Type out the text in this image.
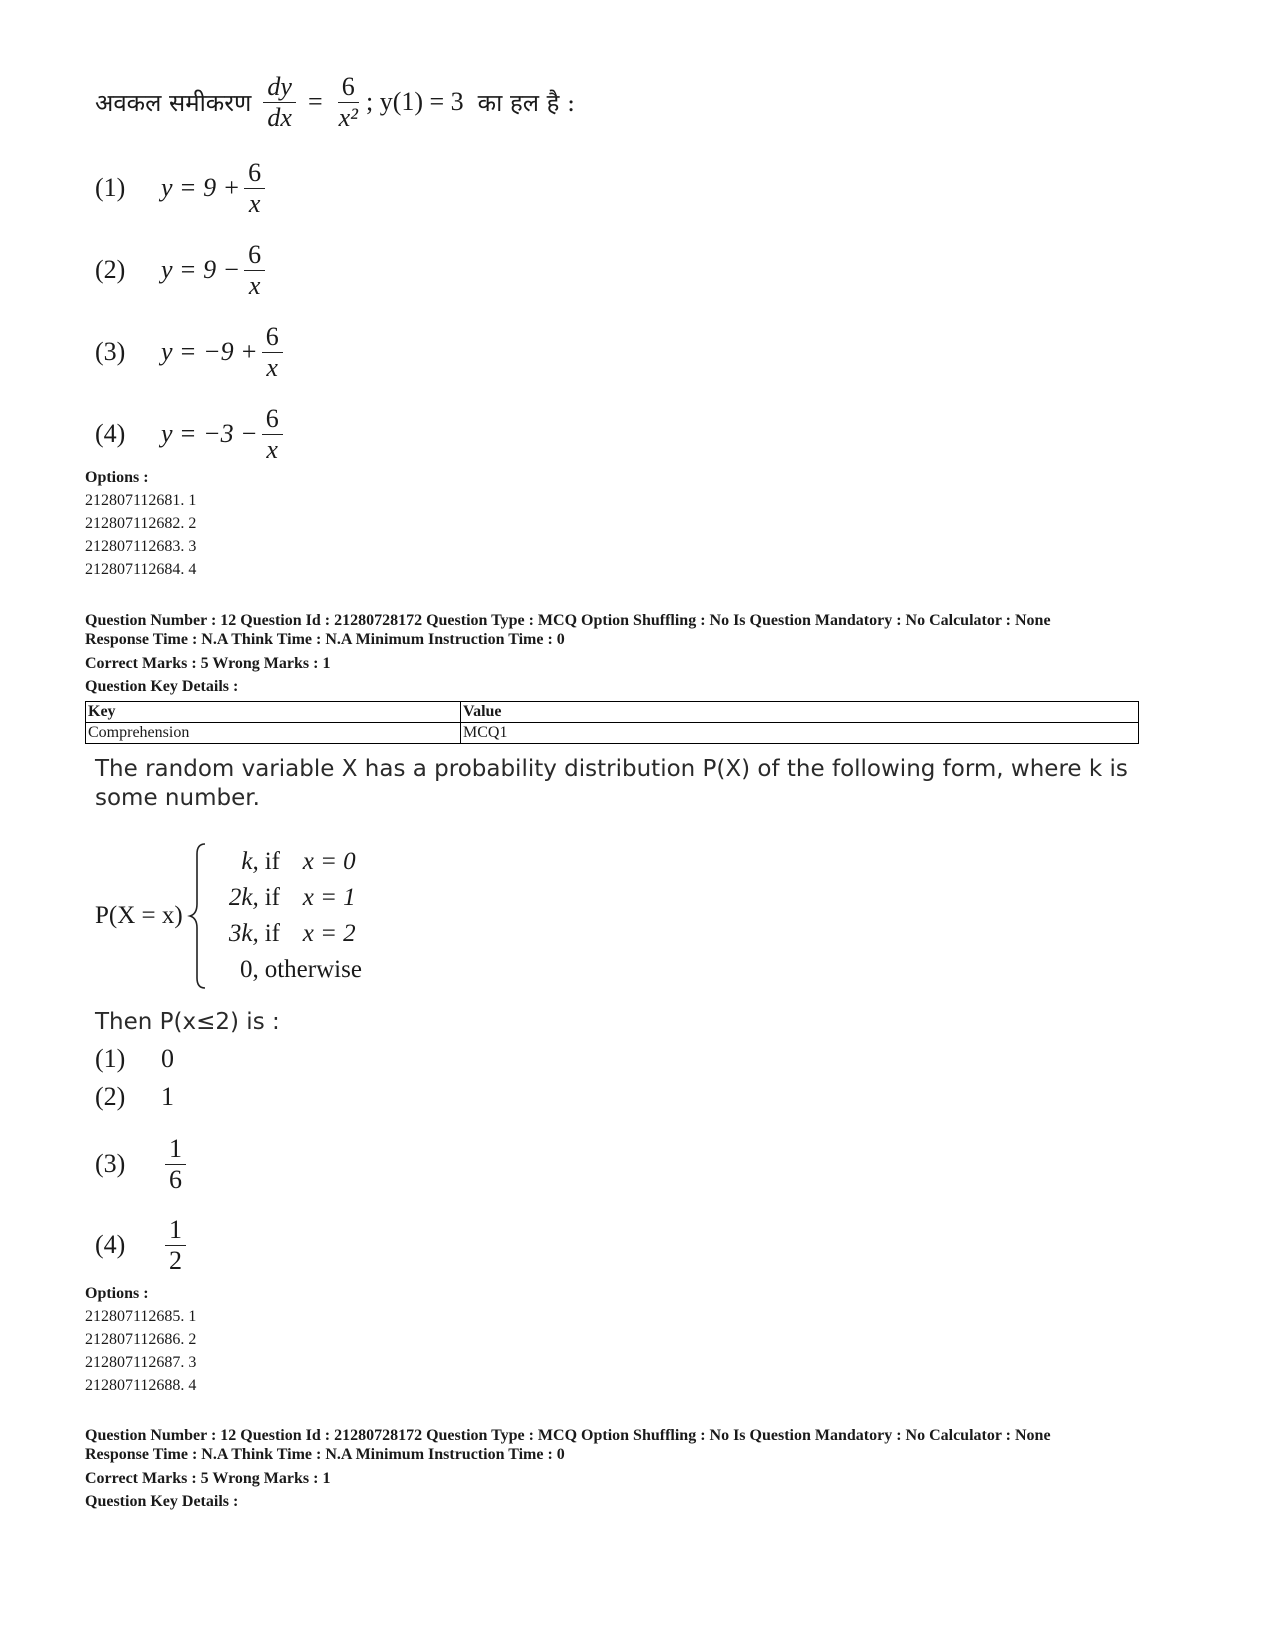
अवकल समीकरण $\frac{dy}{dx} = \frac{6}{\text{x²}}$ ; y(1) = 3 का हल है :
(1)	$y = 9 + \frac{6}{x}$
(2)	$y = 9 - \frac{6}{x}$
(3)	$y = -9 + \frac{6}{x}$
(4)	$y = -3 - \frac{6}{x}$
Options :
212807112681. 1
212807112682. 2
212807112683. 3
212807112684. 4
Question Number : 12 Question Id : 21280728172 Question Type : MCQ Option Shuffling : No Is Question Mandatory : No Calculator : None
Response Time : N.A Think Time : N.A Minimum Instruction Time : 0
Correct Marks : 5 Wrong Marks : 1
Question Key Details :
Key	Value
Comprehension	MCQ1
The random variable X has a probability distribution P(X) of the following form, where k is some number.
P(X = x)
k, if x = 0
2k, if x = 1
3k, if x = 2
0, otherwise
Then P(x≤2) is :
(1)	0
(2)	1
(3)	$\frac{1}{6}$
(4)	$\frac{1}{2}$
Options :
212807112685. 1
212807112686. 2
212807112687. 3
212807112688. 4
Question Number : 12 Question Id : 21280728172 Question Type : MCQ Option Shuffling : No Is Question Mandatory : No Calculator : None
Response Time : N.A Think Time : N.A Minimum Instruction Time : 0
Correct Marks : 5 Wrong Marks : 1
Question Key Details :
